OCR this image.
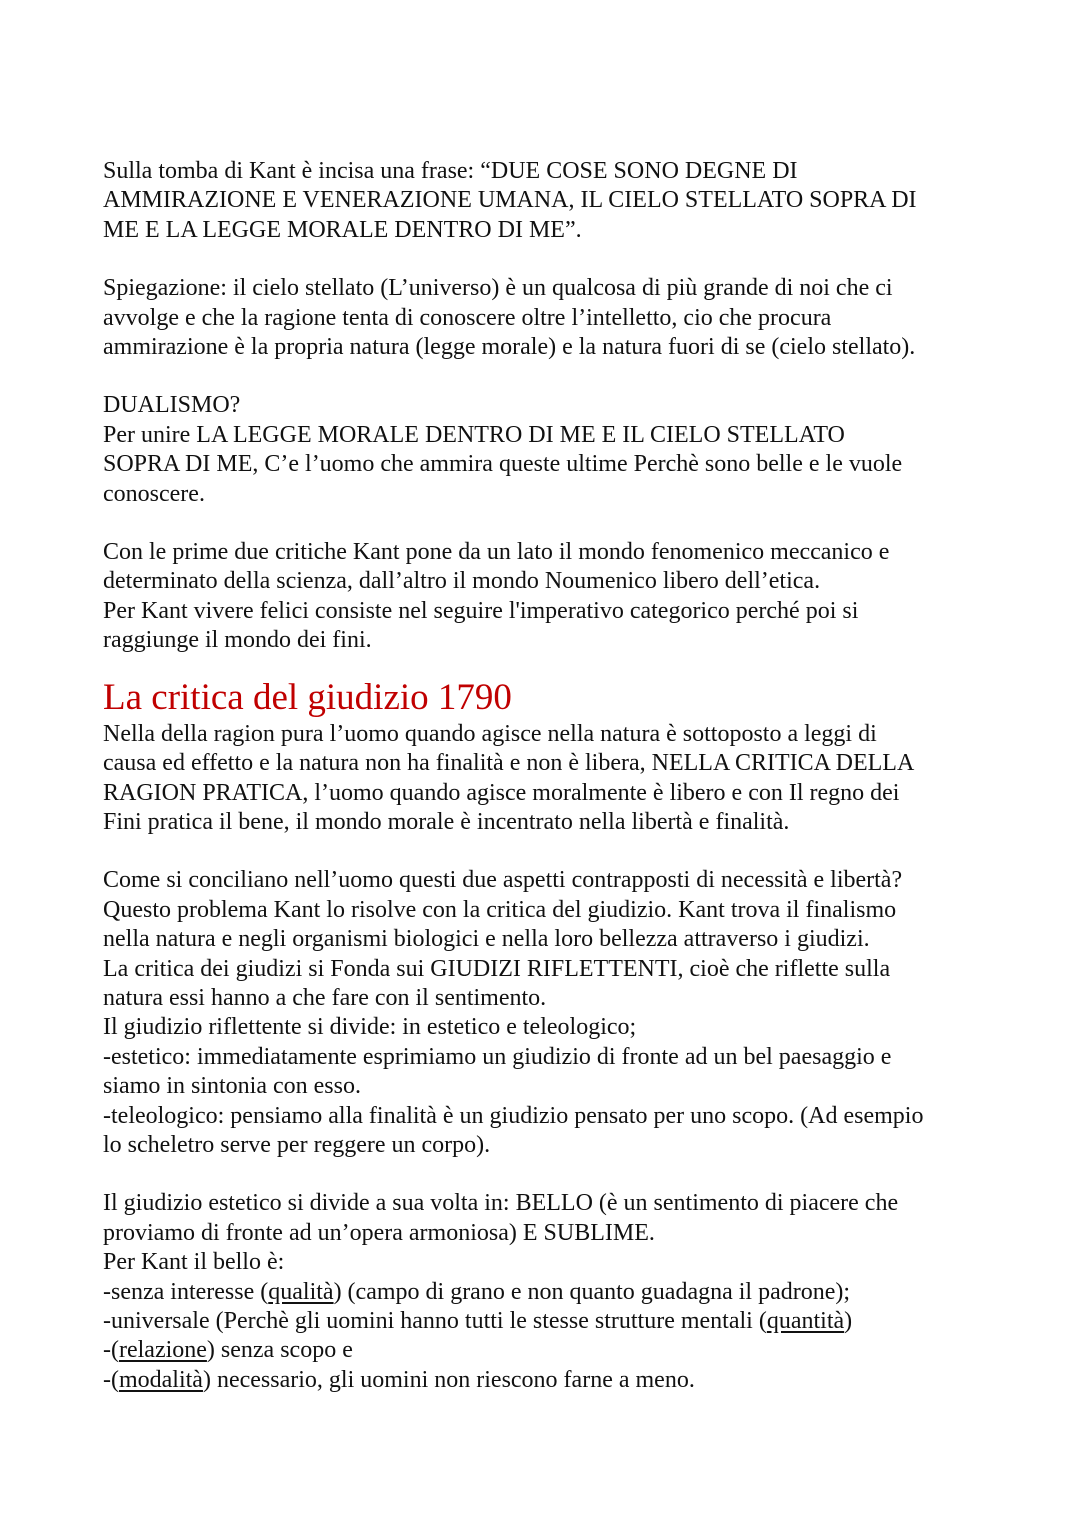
Sulla tomba di Kant è incisa una frase: “DUE COSE SONO DEGNE DI
AMMIRAZIONE E VENERAZIONE UMANA, IL CIELO STELLATO SOPRA DI
ME E LA LEGGE MORALE DENTRO DI ME”.

Spiegazione: il cielo stellato (L’universo) è un qualcosa di più grande di noi che ci
avvolge e che la ragione tenta di conoscere oltre l’intelletto, cio che procura
ammirazione è la propria natura (legge morale) e la natura fuori di se (cielo stellato).

DUALISMO?
Per unire LA LEGGE MORALE DENTRO DI ME E IL CIELO STELLATO
SOPRA DI ME, C’e l’uomo che ammira queste ultime Perchè sono belle e le vuole
conoscere.

Con le prime due critiche Kant pone da un lato il mondo fenomenico meccanico e
determinato della scienza, dall’altro il mondo Noumenico libero dell’etica.
Per Kant vivere felici consiste nel seguire l'imperativo categorico perché poi si
raggiunge il mondo dei fini.

La critica del giudizio 1790

Nella della ragion pura l’uomo quando agisce nella natura è sottoposto a leggi di
causa ed effetto e la natura non ha finalità e non è libera, NELLA CRITICA DELLA
RAGION PRATICA, l’uomo quando agisce moralmente è libero e con Il regno dei
Fini pratica il bene, il mondo morale è incentrato nella libertà e finalità.

Come si conciliano nell’uomo questi due aspetti contrapposti di necessità e libertà?
Questo problema Kant lo risolve con la critica del giudizio. Kant trova il finalismo
nella natura e negli organismi biologici e nella loro bellezza attraverso i giudizi.
La critica dei giudizi si Fonda sui GIUDIZI RIFLETTENTI, cioè che riflette sulla
natura essi hanno a che fare con il sentimento.
Il giudizio riflettente si divide: in estetico e teleologico;
-estetico: immediatamente esprimiamo un giudizio di fronte ad un bel paesaggio e
siamo in sintonia con esso.
-teleologico: pensiamo alla finalità è un giudizio pensato per uno scopo. (Ad esempio
lo scheletro serve per reggere un corpo).

Il giudizio estetico si divide a sua volta in: BELLO (è un sentimento di piacere che
proviamo di fronte ad un’opera armoniosa) E SUBLIME.
Per Kant il bello è:
-senza interesse (qualità) (campo di grano e non quanto guadagna il padrone);
-universale (Perchè gli uomini hanno tutti le stesse strutture mentali (quantità)
-(relazione) senza scopo e
-(modalità) necessario, gli uomini non riescono farne a meno.
